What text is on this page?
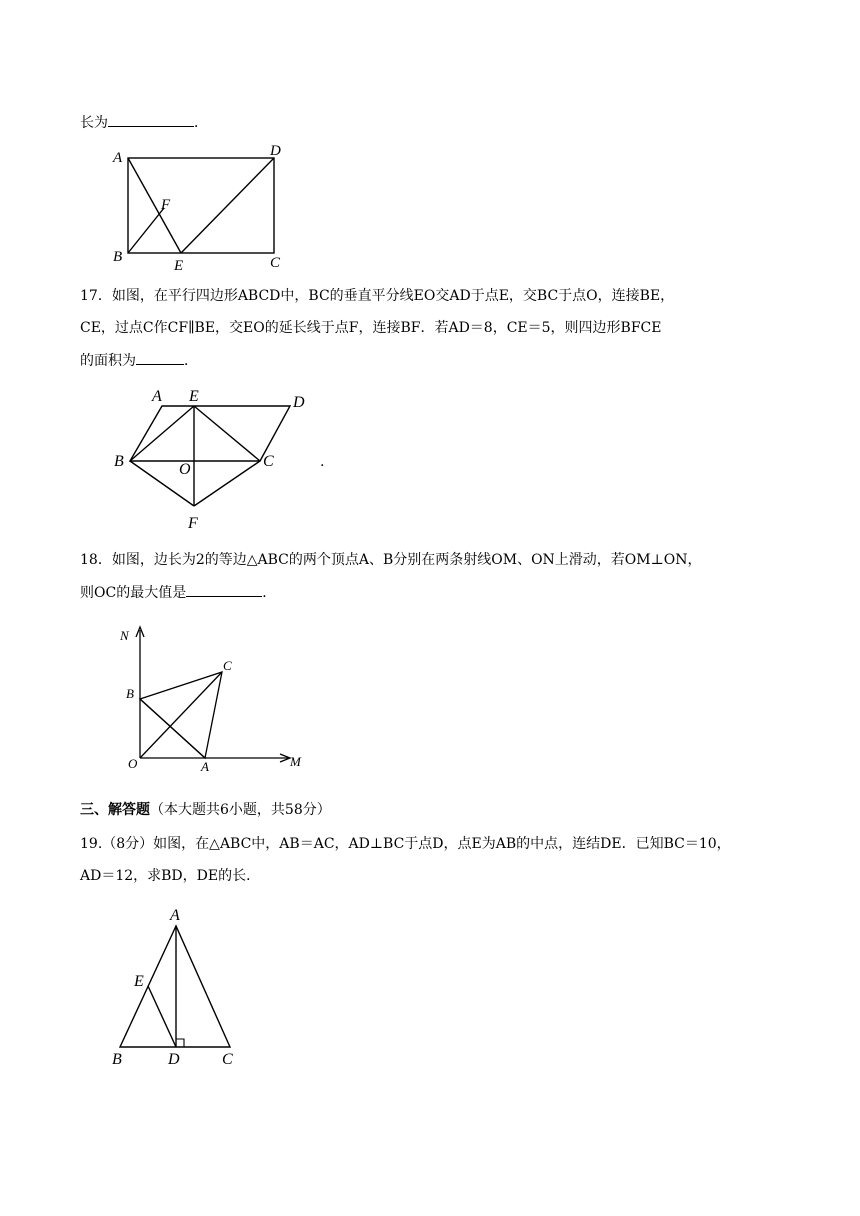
长为	．
A	D
F
B
E	C
17．如图，在平行四边形ABCD中，BC的垂直平分线EO交AD于点E，交BC于点O，连接BE，
CE，过点C作CF∥BE，交EO的延长线于点F，连接BF．若AD＝8，CE＝5，则四边形BFCE
的面积为	．
A E	D
B	O	C
F
.
18．如图，边长为2的等边△ABC的两个顶点A、B分别在两条射线OM、ON上滑动，若OM⊥ON，
则OC的最大值是	．
N
C
B
O	A	M
三、解答题（本大题共6小题，共58分）
19.（8分）如图，在△ABC中，AB＝AC，AD⊥BC于点D，点E为AB的中点，连结DE．已知BC＝10，
AD＝12，求BD，DE的长．
A
E
B	D	C
